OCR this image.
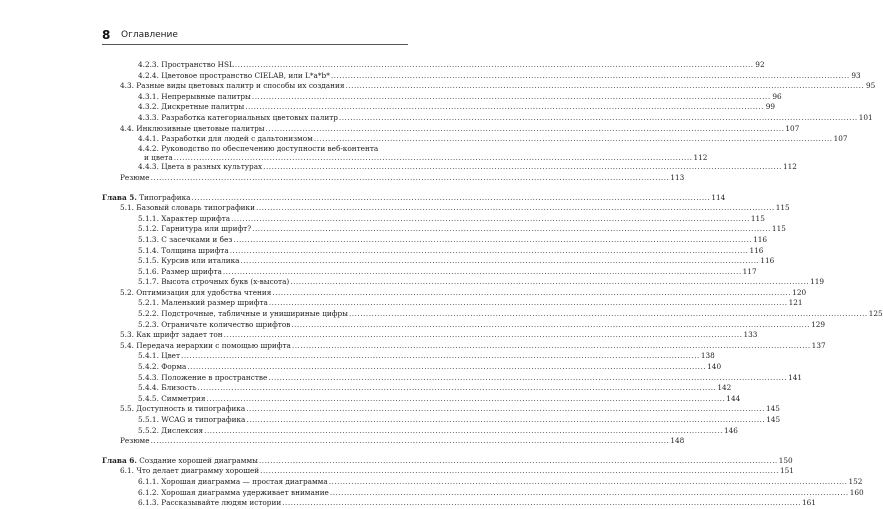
8 Оглавление
4.2.3. Пространство HSL .....	92
4.2.4. Цветовое пространство CIELAB, или L*a*b* .....	93
4.3. Разные виды цветовых палитр и способы их создания .....	95
4.3.1. Непрерывные палитры .....	96
4.3.2. Дискретные палитры .....	99
4.3.3. Разработка категориальных цветовых палитр .....	101
4.4. Инклюзивные цветовые палитры .....	107
4.4.1. Разработки для людей с дальтонизмом .....	107
4.4.2. Руководство по обеспечению доступности веб-контента
и цвета .....	112
4.4.3. Цвета в разных культурах .....	112
Резюме .....	113
Глава 5. Типографика .....	114
5.1. Базовый словарь типографики .....	115
5.1.1. Характер шрифта .....	115
5.1.2. Гарнитура или шрифт? .....	115
5.1.3. С засечками и без .....	116
5.1.4. Толщина шрифта .....	116
5.1.5. Курсив или италика .....	116
5.1.6. Размер шрифта .....	117
5.1.7. Высота строчных букв (x-высота) .....	119
5.2. Оптимизация для удобства чтения .....	120
5.2.1. Маленький размер шрифта .....	121
5.2.2. Подстрочные, табличные и унишириные цифры .....	125
5.2.3. Ограничьте количество шрифтов .....	129
5.3. Как шрифт задает тон .....	133
5.4. Передача иерархии с помощью шрифта .....	137
5.4.1. Цвет .....	138
5.4.2. Форма .....	140
5.4.3. Положение в пространстве .....	141
5.4.4. Близость .....	142
5.4.5. Симметрия .....	144
5.5. Доступность и типографика .....	145
5.5.1. WCAG и типографика .....	145
5.5.2. Дислексия .....	146
Резюме .....	148
Глава 6. Создание хорошей диаграммы .....	150
6.1. Что делает диаграмму хорошей .....	151
6.1.1. Хорошая диаграмма — простая диаграмма .....	152
6.1.2. Хорошая диаграмма удерживает внимание .....	160
6.1.3. Рассказывайте людям истории .....	161
